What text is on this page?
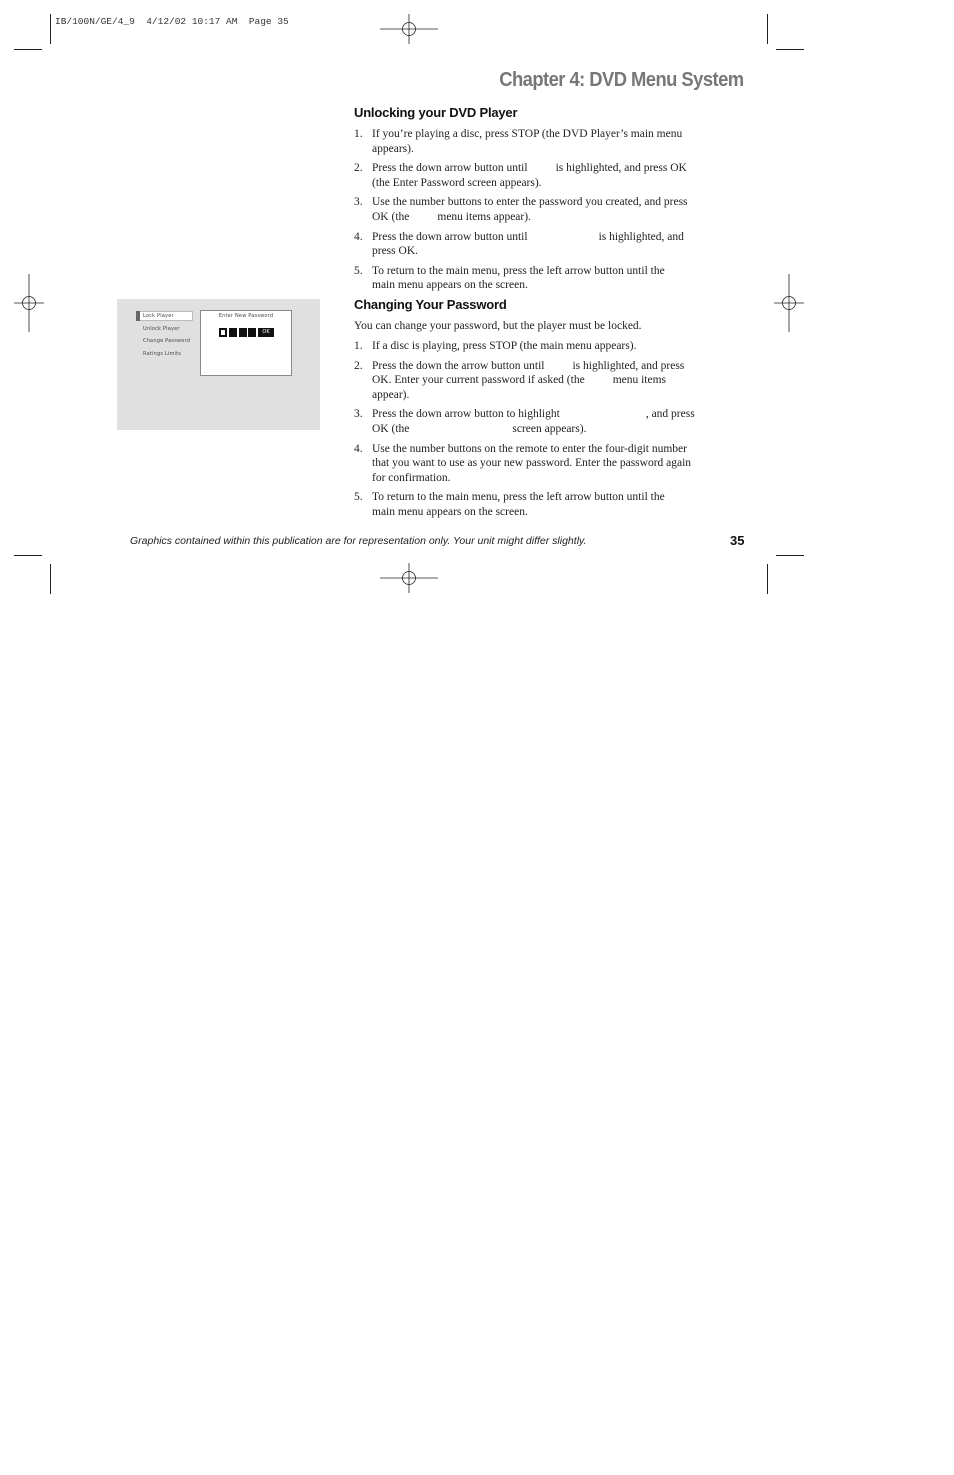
IB/100N/GE/4_9  4/12/02 10:17 AM  Page 35
Chapter 4: DVD Menu System
Unlocking your DVD Player
1. If you’re playing a disc, press STOP (the DVD Player’s main menu
appears).
2. Press the down arrow button until is highlighted, and press OK
(the Enter Password screen appears).
3. Use the number buttons to enter the password you created, and press
OK (the menu items appear).
4. Press the down arrow button until	is highlighted, and
press OK.
5. To return to the main menu, press the left arrow button until the
main menu appears on the screen.
Lock Player
Unlock Player
Change Password
Ratings Limits
Enter New Password
OK
Changing Your Password
You can change your password, but the player must be locked.
1. If a disc is playing, press STOP (the main menu appears).
2. Press the down the arrow button until is highlighted, and press
OK. Enter your current password if asked (the menu items
appear).
3. Press the down arrow button to highlight	, and press
OK (the	screen appears).
4. Use the number buttons on the remote to enter the four-digit number
that you want to use as your new password. Enter the password again
for confirmation.
5. To return to the main menu, press the left arrow button until the
main menu appears on the screen.
Graphics contained within this publication are for representation only. Your unit might differ slightly.	35
